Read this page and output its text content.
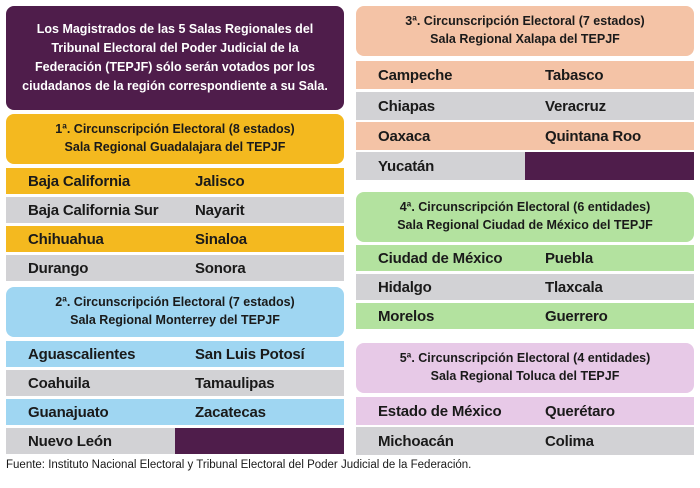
Los Magistrados de las 5 Salas Regionales del Tribunal Electoral del Poder Judicial de la Federación (TEPJF) sólo serán votados por los ciudadanos de la región correspondiente a su Sala.
1ª. Circunscripción Electoral (8 estados)
Sala Regional Guadalajara del TEPJF
Baja California	Jalisco
Baja California Sur	Nayarit
Chihuahua	Sinaloa
Durango	Sonora
2ª. Circunscripción Electoral (7 estados)
Sala Regional Monterrey del TEPJF
Aguascalientes	San Luis Potosí
Coahuila	Tamaulipas
Guanajuato	Zacatecas
Nuevo León
3ª. Circunscripción Electoral (7 estados)
Sala Regional Xalapa del TEPJF
Campeche	Tabasco
Chiapas	Veracruz
Oaxaca	Quintana Roo
Yucatán
4ª. Circunscripción Electoral (6 entidades)
Sala Regional Ciudad de México del TEPJF
Ciudad de México	Puebla
Hidalgo	Tlaxcala
Morelos	Guerrero
5ª. Circunscripción Electoral (4 entidades)
Sala Regional Toluca del TEPJF
Estado de México	Querétaro
Michoacán	Colima
Fuente: Instituto Nacional Electoral y Tribunal Electoral del Poder Judicial de la Federación.
